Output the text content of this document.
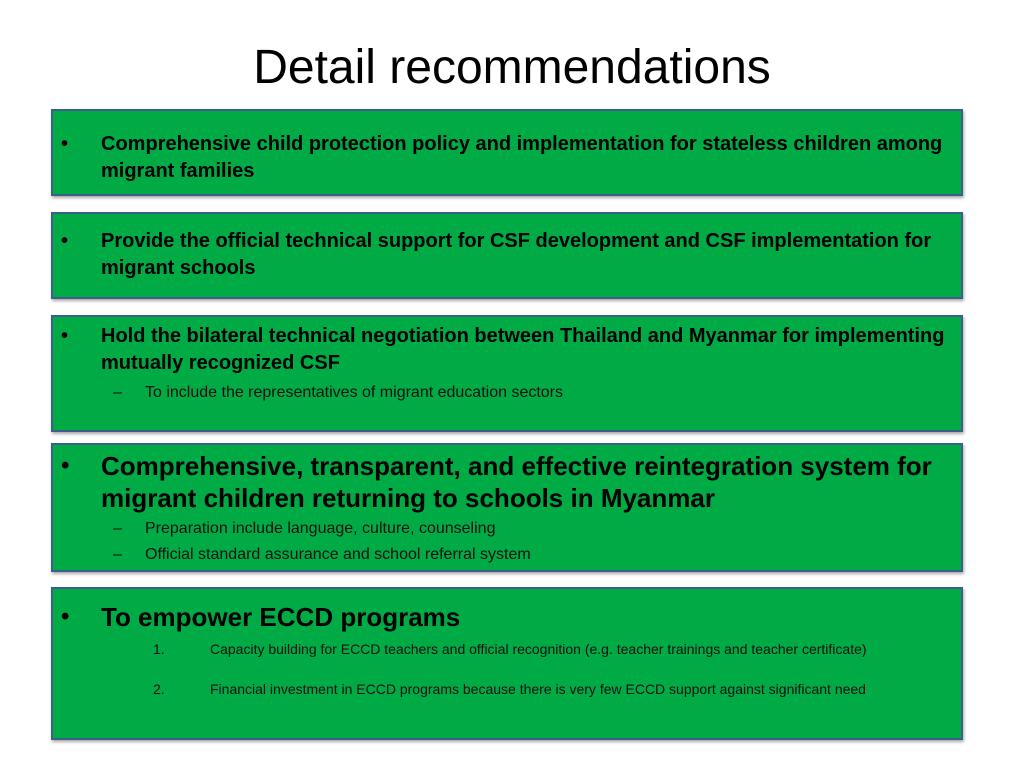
Detail recommendations
• Comprehensive child protection policy and implementation for stateless children among migrant families
• Provide the official technical support for CSF development and CSF implementation for migrant schools
• Hold the bilateral technical negotiation between Thailand and Myanmar for implementing mutually recognized CSF
– To include the representatives of migrant education sectors
• Comprehensive, transparent, and effective reintegration system for migrant children returning to schools in Myanmar
– Preparation include language, culture, counseling
– Official standard assurance and school referral system
• To empower ECCD programs
1.	Capacity building for ECCD teachers and official recognition (e.g. teacher trainings and teacher certificate)
2.	Financial investment in ECCD programs because there is very few ECCD support against significant need
